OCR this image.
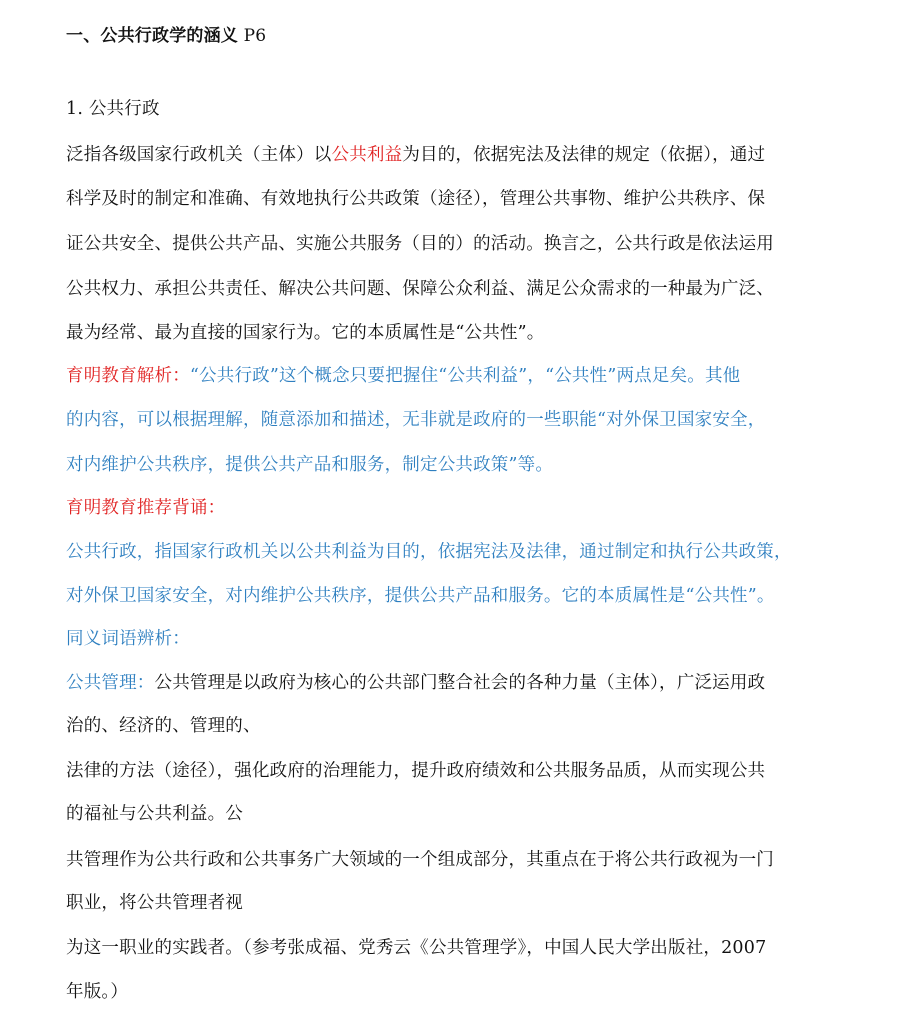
一、公共行政学的涵义 P6
1. 公共行政
泛指各级国家行政机关（主体）以公共利益为目的，依据宪法及法律的规定（依据），通过
科学及时的制定和准确、有效地执行公共政策（途径），管理公共事物、维护公共秩序、保
证公共安全、提供公共产品、实施公共服务（目的）的活动。换言之，公共行政是依法运用
公共权力、承担公共责任、解决公共问题、保障公众利益、满足公众需求的一种最为广泛、
最为经常、最为直接的国家行为。它的本质属性是“公共性”。
育明教育解析：“公共行政”这个概念只要把握住“公共利益”，“公共性”两点足矣。其他
的内容，可以根据理解，随意添加和描述，无非就是政府的一些职能“对外保卫国家安全，
对内维护公共秩序，提供公共产品和服务，制定公共政策”等。
育明教育推荐背诵：
公共行政，指国家行政机关以公共利益为目的，依据宪法及法律，通过制定和执行公共政策，
对外保卫国家安全，对内维护公共秩序，提供公共产品和服务。它的本质属性是“公共性”。
同义词语辨析：
公共管理：公共管理是以政府为核心的公共部门整合社会的各种力量（主体），广泛运用政
治的、经济的、管理的、
法律的方法（途径），强化政府的治理能力，提升政府绩效和公共服务品质，从而实现公共
的福祉与公共利益。公
共管理作为公共行政和公共事务广大领域的一个组成部分，其重点在于将公共行政视为一门
职业，将公共管理者视
为这一职业的实践者。（参考张成福、党秀云《公共管理学》，中国人民大学出版社，2007
年版。）
